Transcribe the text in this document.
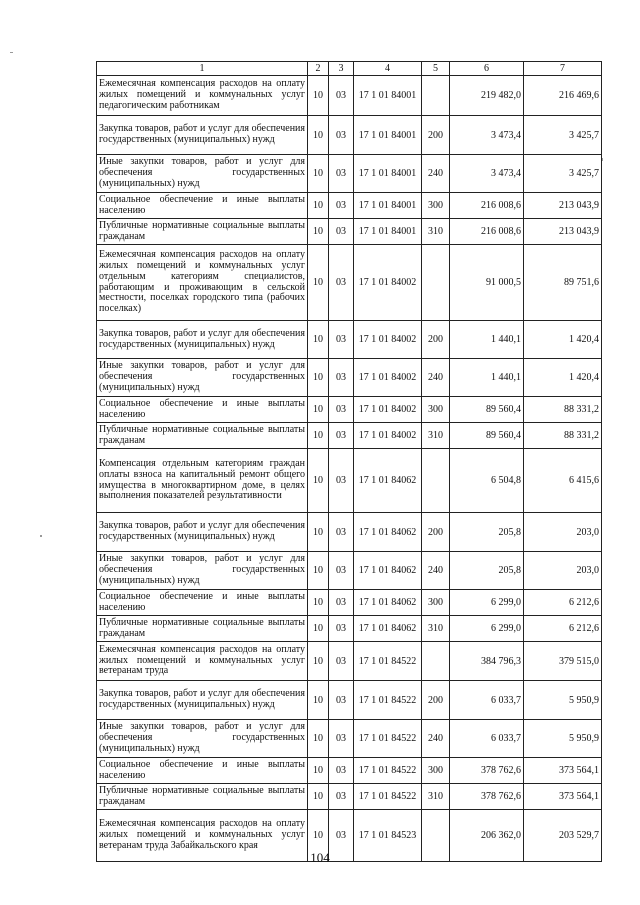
1	2	3	4	5	6	7
Ежемесячная компенсация расходов на оплату жилых помещений и коммунальных услуг педагогическим работникам	10	03	17 1 01 84001		219 482,0	216 469,6
Закупка товаров, работ и услуг для обеспечения государственных (муниципальных) нужд	10	03	17 1 01 84001	200	3 473,4	3 425,7
Иные закупки товаров, работ и услуг для обеспечения государственных (муниципальных) нужд	10	03	17 1 01 84001	240	3 473,4	3 425,7
Социальное обеспечение и иные выплаты населению	10	03	17 1 01 84001	300	216 008,6	213 043,9
Публичные нормативные социальные выплаты гражданам	10	03	17 1 01 84001	310	216 008,6	213 043,9
Ежемесячная компенсация расходов на оплату жилых помещений и коммунальных услуг отдельным категориям специалистов, работающим и проживающим в сельской местности, поселках городского типа (рабочих поселках)	10	03	17 1 01 84002		91 000,5	89 751,6
Закупка товаров, работ и услуг для обеспечения государственных (муниципальных) нужд	10	03	17 1 01 84002	200	1 440,1	1 420,4
Иные закупки товаров, работ и услуг для обеспечения государственных (муниципальных) нужд	10	03	17 1 01 84002	240	1 440,1	1 420,4
Социальное обеспечение и иные выплаты населению	10	03	17 1 01 84002	300	89 560,4	88 331,2
Публичные нормативные социальные выплаты гражданам	10	03	17 1 01 84002	310	89 560,4	88 331,2
Компенсация отдельным категориям граждан оплаты взноса на капитальный ремонт общего имущества в многоквартирном доме, в целях выполнения показателей результативности	10	03	17 1 01 84062		6 504,8	6 415,6
Закупка товаров, работ и услуг для обеспечения государственных (муниципальных) нужд	10	03	17 1 01 84062	200	205,8	203,0
Иные закупки товаров, работ и услуг для обеспечения государственных (муниципальных) нужд	10	03	17 1 01 84062	240	205,8	203,0
Социальное обеспечение и иные выплаты населению	10	03	17 1 01 84062	300	6 299,0	6 212,6
Публичные нормативные социальные выплаты гражданам	10	03	17 1 01 84062	310	6 299,0	6 212,6
Ежемесячная компенсация расходов на оплату жилых помещений и коммунальных услуг ветеранам труда	10	03	17 1 01 84522		384 796,3	379 515,0
Закупка товаров, работ и услуг для обеспечения государственных (муниципальных) нужд	10	03	17 1 01 84522	200	6 033,7	5 950,9
Иные закупки товаров, работ и услуг для обеспечения государственных (муниципальных) нужд	10	03	17 1 01 84522	240	6 033,7	5 950,9
Социальное обеспечение и иные выплаты населению	10	03	17 1 01 84522	300	378 762,6	373 564,1
Публичные нормативные социальные выплаты гражданам	10	03	17 1 01 84522	310	378 762,6	373 564,1
Ежемесячная компенсация расходов на оплату жилых помещений и коммунальных услуг ветеранам труда Забайкальского края	10	03	17 1 01 84523		206 362,0	203 529,7
104
